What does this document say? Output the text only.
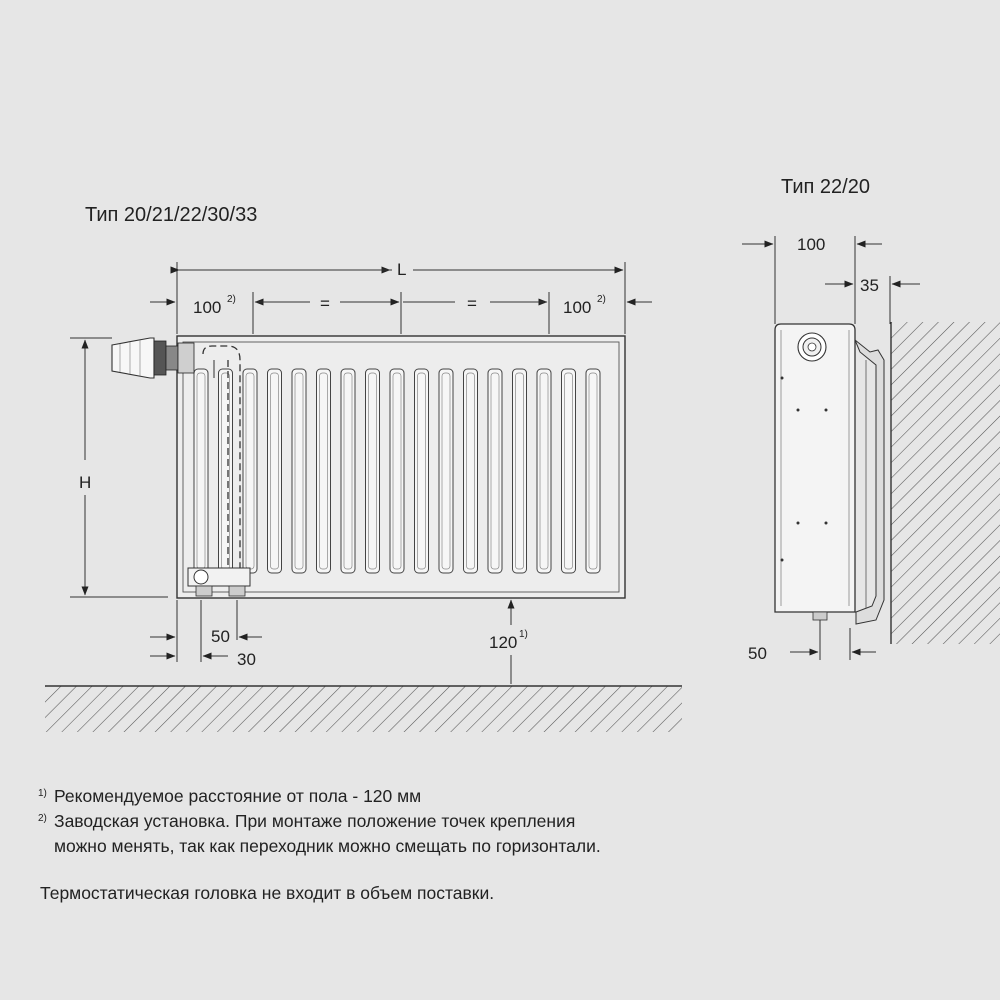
Тип 20/21/22/30/33
L
100 2)	=	=	100 2)
H
50
30
120 1)
Тип 22/20
100
35
50
1) Рекомендуемое расстояние от пола - 120 мм
2) Заводская установка. При монтаже положение точек крепления
можно менять, так как переходник можно смещать по горизонтали.
Термостатическая головка не входит в объем поставки.
